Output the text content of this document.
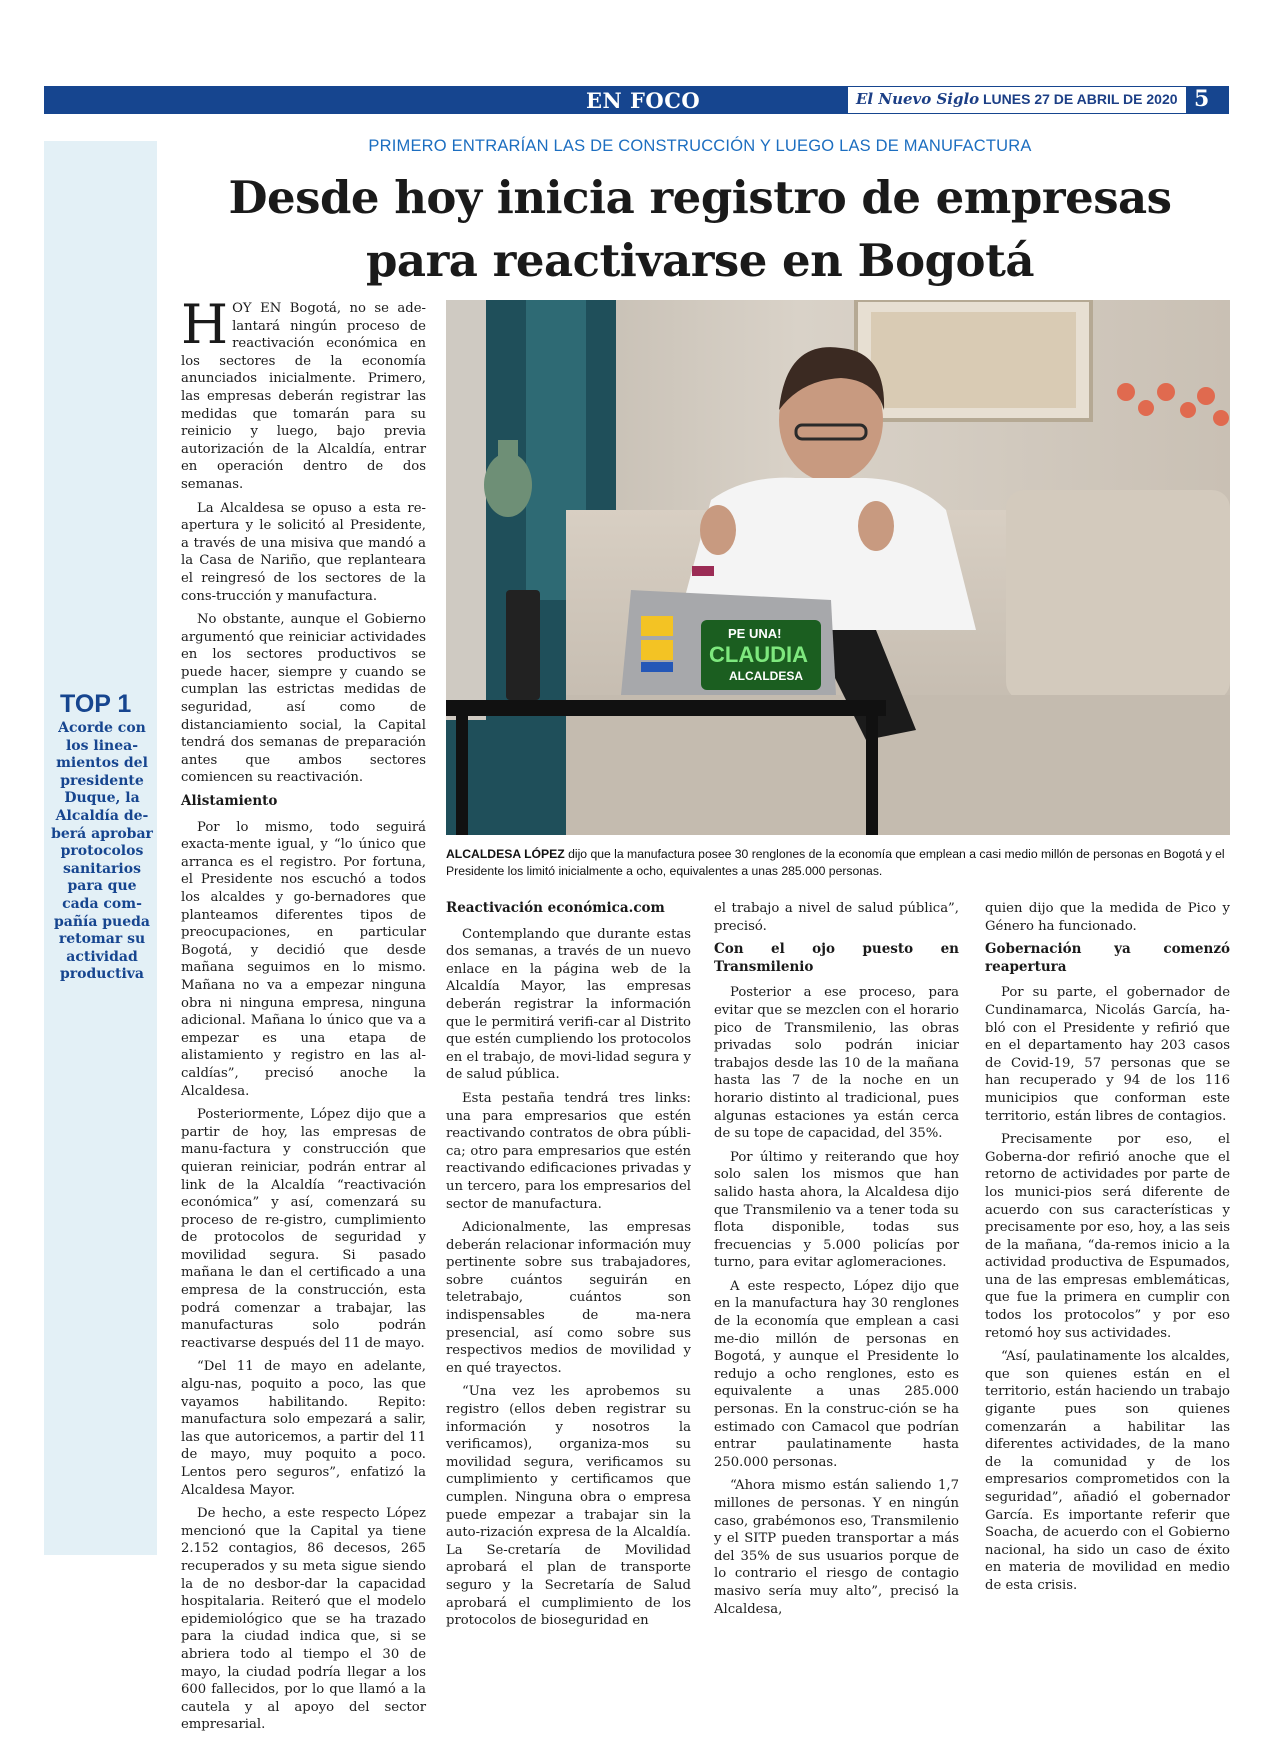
EN FOCO	El Nuevo Siglo LUNES 27 DE ABRIL DE 2020 5
TOP 1
Acorde con los linea-mientos del presidente Duque, la Alcaldía de-berá aprobar protocolos sanitarios para que cada com-pañía pueda retomar su actividad productiva
PRIMERO ENTRARÍAN LAS DE CONSTRUCCIÓN Y LUEGO LAS DE MANUFACTURA
Desde hoy inicia registro de empresas
para reactivarse en Bogotá

HOY EN Bogotá, no se ade-lantará ningún proceso de reactivación económica en los sectores de la economía anunciados inicialmente. Primero, las empresas deberán registrar las medidas que tomarán para su reinicio y luego, bajo previa autorización de la Alcaldía, entrar en operación dentro de dos semanas.

La Alcaldesa se opuso a esta re-apertura y le solicitó al Presidente, a través de una misiva que mandó a la Casa de Nariño, que replanteara el reingresó de los sectores de la cons-trucción y manufactura.

No obstante, aunque el Gobierno argumentó que reiniciar actividades en los sectores productivos se puede hacer, siempre y cuando se cumplan las estrictas medidas de seguridad, así como de distanciamiento social, la Capital tendrá dos semanas de preparación antes que ambos sectores comiencen su reactivación.

Alistamiento

Por lo mismo, todo seguirá exacta-mente igual, y “lo único que arranca es el registro. Por fortuna, el Presidente nos escuchó a todos los alcaldes y go-bernadores que planteamos diferentes tipos de preocupaciones, en particular Bogotá, y decidió que desde mañana seguimos en lo mismo. Mañana no va a empezar ninguna obra ni ninguna empresa, ninguna adicional. Mañana lo único que va a empezar es una etapa de alistamiento y registro en las al-caldías”, precisó anoche la Alcaldesa.

Posteriormente, López dijo que a partir de hoy, las empresas de manu-factura y construcción que quieran reiniciar, podrán entrar al link de la Alcaldía “reactivación económica” y así, comenzará su proceso de re-gistro, cumplimiento de protocolos de seguridad y movilidad segura. Si pasado mañana le dan el certificado a una empresa de la construcción, esta podrá comenzar a trabajar, las manufacturas solo podrán reactivarse después del 11 de mayo.

“Del 11 de mayo en adelante, algu-nas, poquito a poco, las que vayamos habilitando. Repito: manufactura solo empezará a salir, las que autoricemos, a partir del 11 de mayo, muy poquito a poco. Lentos pero seguros”, enfatizó la Alcaldesa Mayor.

De hecho, a este respecto López mencionó que la Capital ya tiene 2.152 contagios, 86 decesos, 265 recuperados y su meta sigue siendo la de no desbor-dar la capacidad hospitalaria. Reiteró que el modelo epidemiológico que se ha trazado para la ciudad indica que, si se abriera todo al tiempo el 30 de mayo, la ciudad podría llegar a los 600 fallecidos, por lo que llamó a la cautela y al apoyo del sector empresarial.

PE UNA!
CLAUDIA
ALCALDESA
ALCALDESA LÓPEZ dijo que la manufactura posee 30 renglones de la economía que emplean a casi medio millón de personas en Bogotá y el Presidente los limitó inicialmente a ocho, equivalentes a unas 285.000 personas.
Reactivación económica.com

Contemplando que durante estas dos semanas, a través de un nuevo enlace en la página web de la Alcaldía Mayor, las empresas deberán registrar la información que le permitirá verifi-car al Distrito que estén cumpliendo los protocolos en el trabajo, de movi-lidad segura y de salud pública.

Esta pestaña tendrá tres links: una para empresarios que estén reactivando contratos de obra públi-ca; otro para empresarios que estén reactivando edificaciones privadas y un tercero, para los empresarios del sector de manufactura.

Adicionalmente, las empresas deberán relacionar información muy pertinente sobre sus trabajadores, sobre cuántos seguirán en teletrabajo, cuántos son indispensables de ma-nera presencial, así como sobre sus respectivos medios de movilidad y en qué trayectos.

“Una vez les aprobemos su registro (ellos deben registrar su información y nosotros la verificamos), organiza-mos su movilidad segura, verificamos su cumplimiento y certificamos que cumplen. Ninguna obra o empresa puede empezar a trabajar sin la auto-rización expresa de la Alcaldía. La Se-cretaría de Movilidad aprobará el plan de transporte seguro y la Secretaría de Salud aprobará el cumplimiento de los protocolos de bioseguridad en

el trabajo a nivel de salud pública”, precisó.

Con el ojo puesto en Transmilenio

Posterior a ese proceso, para evitar que se mezclen con el horario pico de Transmilenio, las obras privadas solo podrán iniciar trabajos desde las 10 de la mañana hasta las 7 de la noche en un horario distinto al tradicional, pues algunas estaciones ya están cerca de su tope de capacidad, del 35%.

Por último y reiterando que hoy solo salen los mismos que han salido hasta ahora, la Alcaldesa dijo que Transmilenio va a tener toda su flota disponible, todas sus frecuencias y 5.000 policías por turno, para evitar aglomeraciones.

A este respecto, López dijo que en la manufactura hay 30 renglones de la economía que emplean a casi me-dio millón de personas en Bogotá, y aunque el Presidente lo redujo a ocho renglones, esto es equivalente a unas 285.000 personas. En la construc-ción se ha estimado con Camacol que podrían entrar paulatinamente hasta 250.000 personas.

“Ahora mismo están saliendo 1,7 millones de personas. Y en ningún caso, grabémonos eso, Transmilenio y el SITP pueden transportar a más del 35% de sus usuarios porque de lo contrario el riesgo de contagio masivo sería muy alto”, precisó la Alcaldesa,

quien dijo que la medida de Pico y Género ha funcionado.

Gobernación ya comenzó reapertura

Por su parte, el gobernador de Cundinamarca, Nicolás García, ha-bló con el Presidente y refirió que en el departamento hay 203 casos de Covid-19, 57 personas que se han recuperado y 94 de los 116 municipios que conforman este territorio, están libres de contagios.

Precisamente por eso, el Goberna-dor refirió anoche que el retorno de actividades por parte de los munici-pios será diferente de acuerdo con sus características y precisamente por eso, hoy, a las seis de la mañana, “da-remos inicio a la actividad productiva de Espumados, una de las empresas emblemáticas, que fue la primera en cumplir con todos los protocolos” y por eso retomó hoy sus actividades.

“Así, paulatinamente los alcaldes, que son quienes están en el territorio, están haciendo un trabajo gigante pues son quienes comenzarán a habilitar las diferentes actividades, de la mano de la comunidad y de los empresarios comprometidos con la seguridad”, añadió el gobernador García. Es importante referir que Soacha, de acuerdo con el Gobierno nacional, ha sido un caso de éxito en materia de movilidad en medio de esta crisis.
